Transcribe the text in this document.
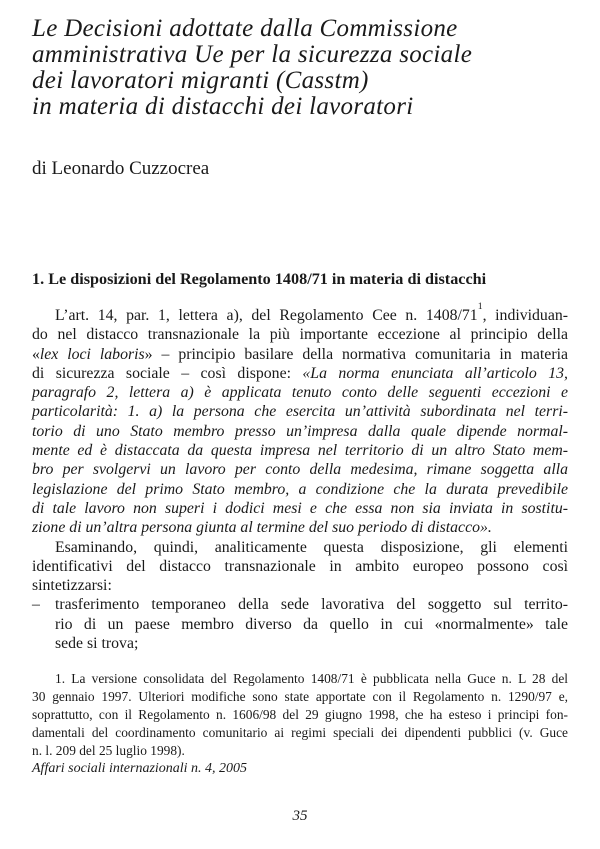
Le Decisioni adottate dalla Commissione
amministrativa Ue per la sicurezza sociale
dei lavoratori migranti (Casstm)
in materia di distacchi dei lavoratori
di Leonardo Cuzzocrea
1. Le disposizioni del Regolamento 1408/71 in materia di distacchi
L’art. 14, par. 1, lettera a), del Regolamento Cee n. $1408/71^1$, individuan-
do nel distacco transnazionale la più importante eccezione al principio della
«lex loci laboris» – principio basilare della normativa comunitaria in materia
di sicurezza sociale – così dispone: «La norma enunciata all’articolo 13,
paragrafo 2, lettera a) è applicata tenuto conto delle seguenti eccezioni e
particolarità: 1. a) la persona che esercita un’attività subordinata nel terri-
torio di uno Stato membro presso un’impresa dalla quale dipende normal-
mente ed è distaccata da questa impresa nel territorio di un altro Stato mem-
bro per svolgervi un lavoro per conto della medesima, rimane soggetta alla
legislazione del primo Stato membro, a condizione che la durata prevedibile
di tale lavoro non superi i dodici mesi e che essa non sia inviata in sostitu-
zione di un’altra persona giunta al termine del suo periodo di distacco».
Esaminando, quindi, analiticamente questa disposizione, gli elementi
identificativi del distacco transnazionale in ambito europeo possono così
sintetizzarsi:
– trasferimento temporaneo della sede lavorativa del soggetto sul territo-
rio di un paese membro diverso da quello in cui «normalmente» tale
sede si trova;
1. La versione consolidata del Regolamento 1408/71 è pubblicata nella Guce n. L 28 del
30 gennaio 1997. Ulteriori modifiche sono state apportate con il Regolamento n. 1290/97 e,
soprattutto, con il Regolamento n. 1606/98 del 29 giugno 1998, che ha esteso i principi fon-
damentali del coordinamento comunitario ai regimi speciali dei dipendenti pubblici (v. Guce
n. l. 209 del 25 luglio 1998).
Affari sociali internazionali n. 4, 2005
35
